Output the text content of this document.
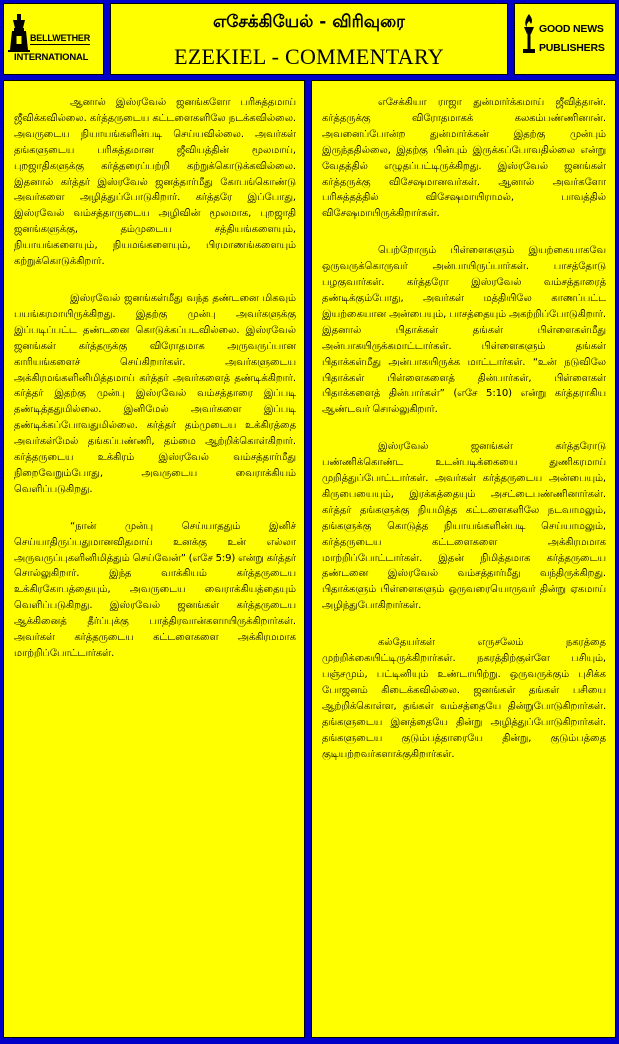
BELLWETHER
INTERNATIONAL
எசேக்கியேல் - விரிவுரை
EZEKIEL - COMMENTARY
GOOD NEWS
PUBLISHERS

ஆனால் இஸ்ரவேல் ஜனங்களோ பரிசுத்தமாய் ஜீவிக்கவில்லை. கர்த்தருடைய கட்டளைகளிலே நடக்கவில்லை. அவருடைய நியாயங்களின்படி செய்யவில்லை. அவர்கள் தங்களுடைய பரிசுத்தமான ஜீவியத்தின் மூலமாய், புறஜாதிகளுக்கு கர்த்தரைப்பற்றி கற்றுக்கொடுக்கவில்லை. இதனால் கர்த்தர் இஸ்ரவேல் ஜனத்தார்மீது கோபங்கொண்டு அவர்களை அழித்துப்போடுகிறார். கர்த்தரே இப்போது, இஸ்ரவேல் வம்சத்தாருடைய அழிவின் மூலமாக, புறஜாதி ஜனங்களுக்கு, தம்முடைய சத்தியங்களையும், நியாயங்களையும், நியமங்களையும், பிரமாணங்களையும் கற்றுக்கொடுக்கிறார்.

இஸ்ரவேல் ஜனங்கள்மீது வந்த தண்டனை மிகவும் பயங்கரமாயிருக்கிறது. இதற்கு முன்பு அவர்களுக்கு இப்படிப்பட்ட தண்டனை கொடுக்கப்படவில்லை. இஸ்ரவேல் ஜனங்கள் கர்த்தருக்கு விரோதமாக அருவருப்பான காரியங்களைச் செய்கிறார்கள். அவர்களுடைய அக்கிரமங்களினிமித்தமாய் கர்த்தர் அவர்களைத் தண்டிக்கிறார். கர்த்தர் இதற்கு முன்பு இஸ்ரவேல் வம்சத்தாரை இப்படி தண்டித்ததுமில்லை. இனிமேல் அவர்களை இப்படி தண்டிக்கப்போவதுமில்லை. கர்த்தர் தம்முடைய உக்கிரத்தை அவர்கள்மேல் தங்கப்பண்ணி, தம்மை ஆற்றிக்கொள்கிறார். கர்த்தருடைய உக்கிரம் இஸ்ரவேல் வம்சத்தார்மீது நிறைவேறும்போது, அவருடைய வைராக்கியம் வெளிப்படுகிறது.

“நான் முன்பு செய்யாததும் இனிச் செய்யாதிருப்பதுமானவிதமாய் உனக்கு உன் எல்லா அருவருப்புகளினிமித்தும் செய்வேன்” (எசே 5:9) என்று கர்த்தர் சொல்லுகிறார். இந்த வாக்கியம் கர்த்தருடைய உக்கிரகோபத்தையும், அவருடைய வைராக்கியத்தையும் வெளிப்படுகிறது. இஸ்ரவேல் ஜனங்கள் கர்த்தருடைய ஆக்கினைத் தீர்ப்புக்கு பாத்திரவான்களாயிருக்கிறார்கள். அவர்கள் கர்த்தருடைய கட்டளைகளை அக்கிரமமாக மாற்றிப்போட்டார்கள்.

எசேக்கியா ராஜா துன்மார்க்கமாய் ஜீவித்தான். கர்த்தருக்கு விரோதமாகக் கலகம்பண்ணினான். அவனைப்போன்ற துன்மார்க்கன் இதற்கு முன்பும் இருந்ததில்லை, இதற்கு பின்பும் இருக்கப்போவதில்லை என்று வேதத்தில் எழுதப்பட்டிருக்கிறது. இஸ்ரவேல் ஜனங்கள் கர்த்தருக்கு விசேஷமானவர்கள். ஆனால் அவர்களோ பரிசுத்தத்தில் விசேஷமாயிராமல், பாவத்தில் விசேஷமாயிருக்கிறார்கள்.

பெற்றோரும் பிள்ளைகளும் இயற்கையாகவே ஒருவருக்கொருவர் அன்பாயிருப்பார்கள். பாசத்தோடு பழகுவார்கள். கர்த்தரோ இஸ்ரவேல் வம்சத்தாரைத் தண்டிக்கும்போது, அவர்கள் மத்தியிலே காணப்பட்ட இயற்கையான அன்பையும், பாசத்தையும் அகற்றிப்போடுகிறார். இதனால் பிதாக்கள் தங்கள் பிள்ளைகள்மீது அன்பாகயிருக்கமாட்டார்கள். பிள்ளைகளும் தங்கள் பிதாக்கள்மீது அன்பாகயிருக்க மாட்டார்கள். “உன் நடுவிலே பிதாக்கள் பிள்ளைகளைத் தின்பார்கள், பிள்ளைகள் பிதாக்களைத் தின்பார்கள்” (எசே 5:10) என்று கர்த்தராகிய ஆண்டவர் சொல்லுகிறார்.

இஸ்ரவேல் ஜனங்கள் கர்த்தரோடு பண்ணிக்கொண்ட உடன்படிக்கையை துணிகரமாய் முறித்துப்போட்டார்கள். அவர்கள் கர்த்தருடைய அன்பையும், கிருபையையும், இரக்கத்தையும் அசட்டைபண்ணினார்கள். கர்த்தர் தங்களுக்கு நியமித்த கட்டளைகளிலே நடவாமலும், தங்களுக்கு கொடுத்த நியாயங்களின்படி செய்யாமலும், கர்த்தருடைய கட்டளைகளை அக்கிரமமாக மாற்றிப்போட்டார்கள். இதன் நிமித்தமாக கர்த்தருடைய தண்டனை இஸ்ரவேல் வம்சத்தார்மீது வந்திருக்கிறது. பிதாக்களும் பிள்ளைகளும் ஒருவரையொருவர் தின்று ஏகமாய் அழிந்துபோகிறார்கள்.

கல்தேயர்கள் எருசலேம் நகரத்தை முற்றிக்கையிட்டிருக்கிறார்கள். நகரத்திற்குள்ளே பசியும், பஞ்சமும், பட்டினியும் உண்டாயிற்று. ஒருவருக்கும் புசிக்க போஜனம் கிடைக்கவில்லை. ஜனங்கள் தங்கள் பசியை ஆற்றிக்கொள்ள, தங்கள் வம்சத்தையே தின்றுபோடுகிறார்கள். தங்களுடைய இனத்தையே தின்று அழித்துப்போடுகிறார்கள். தங்களுடைய குடும்பத்தாரையே தின்று, குடும்பத்தை குடியற்றவர்களாக்குகிறார்கள்.
